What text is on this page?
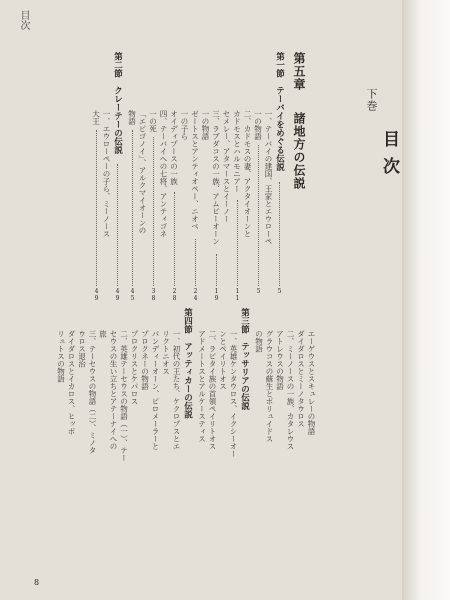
目次
下巻
目次
第五章 諸地方の伝説
第一節　テーバイをめぐる伝説
5
一、テーバイの建国、王家とエウローペ
一の物語
5
二、カドモスの妻、アクタイオーンと
カドモスとハルモニアー
11
セメレー、アタマースとイーノー
三、ラブダコスの一族、アムピーオーン
19
一の物語
ゼートスとアンティオペー、ニオベ
24
一の子ら
オイディプースの一族
28
四、テーバイへの七将、アンティゴネ
一の死
38
「エピゴノイ」、アルクマイオーンの
物語
45
第二節　クレーテーの伝説
49
一、エウローペーの子ら、ミーノース
大王
49
エーゲウスとスキュレーの物語
ダイダロスとミーノタウロス
二、ミーノースの一族、カタレウス
アトレウスの物語
グラウコスの蘇生とポリュイドス
の物語
第三節　テッサリアの伝説
一、英雄ケンタウロス、イクシーオー
ンとペイリトオス
二、ラピタイ族の首領ペイリトオス
アドメートスとアルケースティス
第四節　アッティカーの伝説
一、初代の王たち、ケクロプスとエ
リクトニオス
パンディーオーン、ピロメーラーと
プロクネーの物語
プロクリスとケパロス
二、英雄テーセウスの物語（一）、テー
セウスの生い立ちとアテーナイへの
旅
三、テーセウスの物語（二）、ミノタ
ウロス退治
ダイダロスとイカロス、ヒッポ
リュトスの物語
8
